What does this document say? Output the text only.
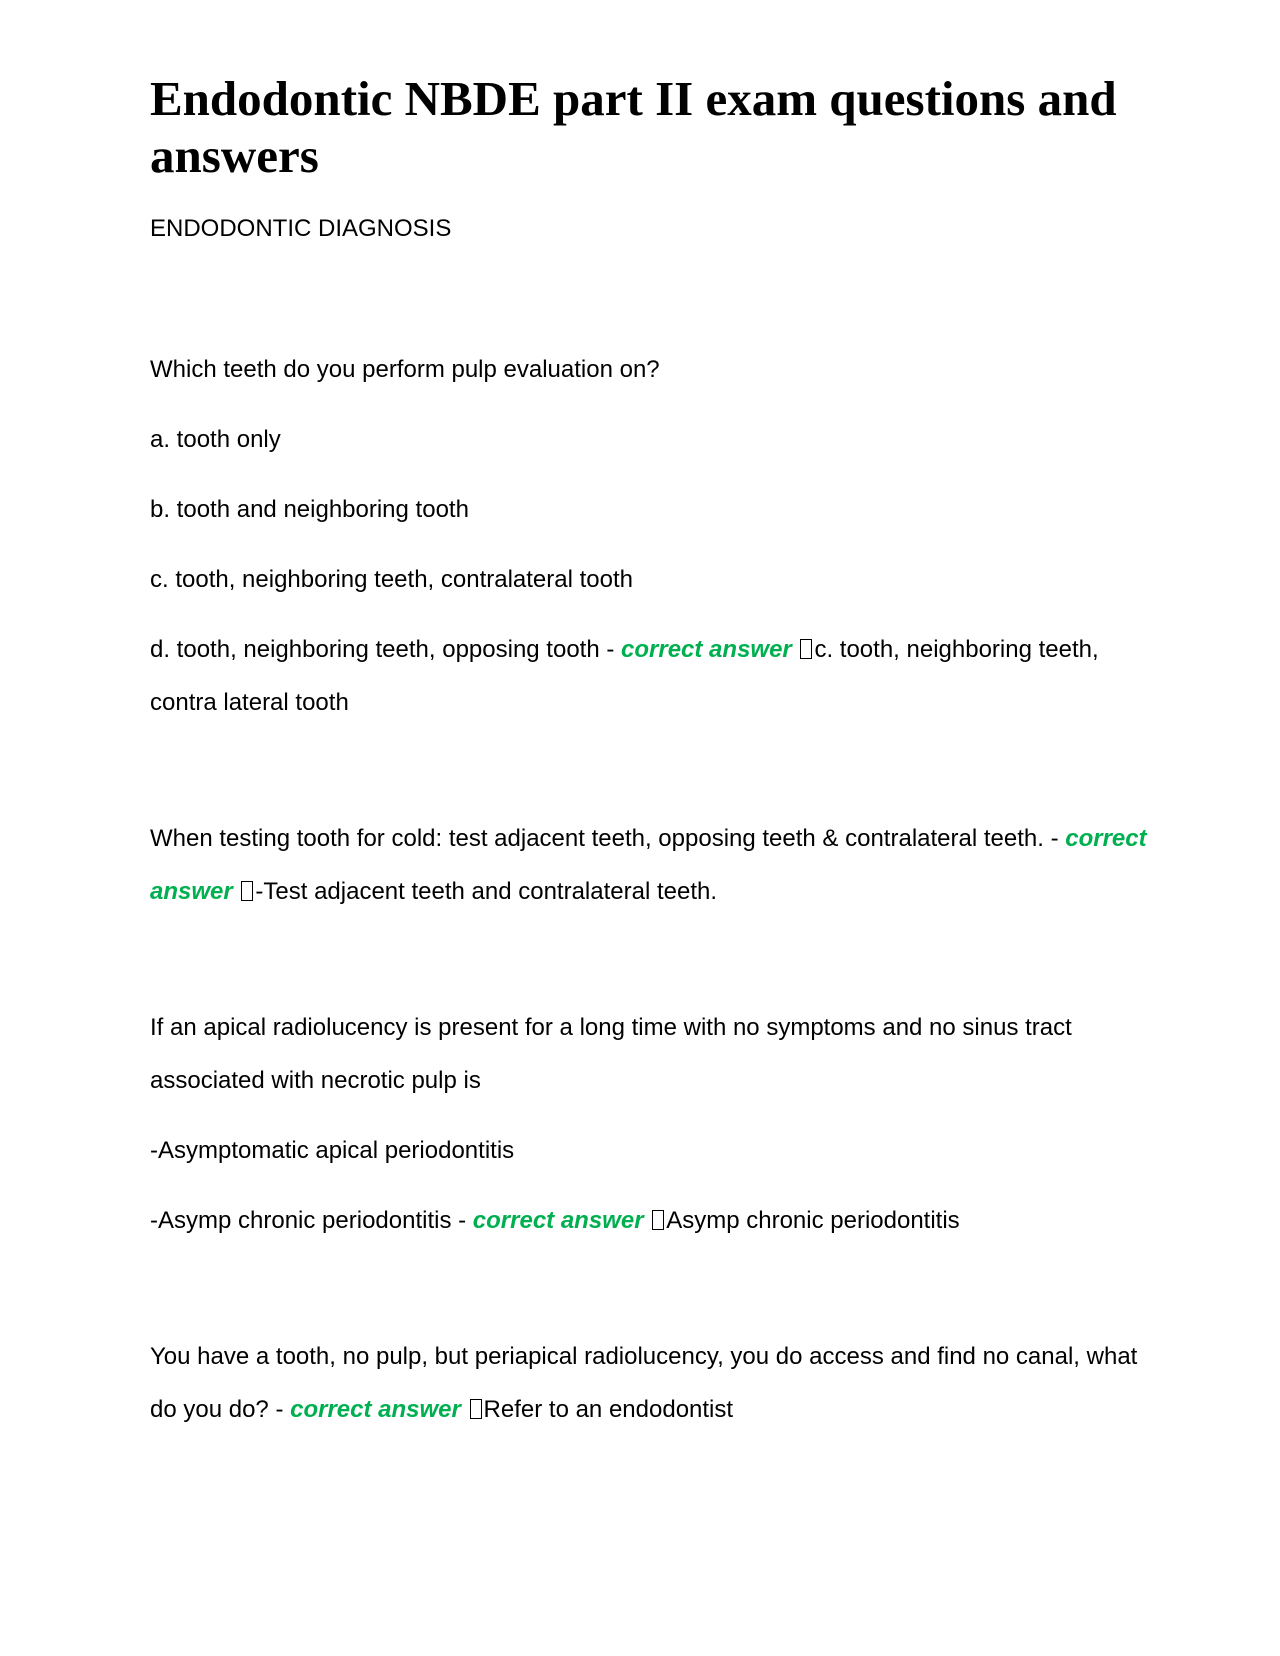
Endodontic NBDE part II exam questions and answers
ENDODONTIC DIAGNOSIS
Which teeth do you perform pulp evaluation on?
a. tooth only
b. tooth and neighboring tooth
c. tooth, neighboring teeth, contralateral tooth
d. tooth, neighboring teeth, opposing tooth - correct answer c. tooth, neighboring teeth, contra lateral tooth
When testing tooth for cold: test adjacent teeth, opposing teeth & contralateral teeth. - correct answer -Test adjacent teeth and contralateral teeth.
If an apical radiolucency is present for a long time with no symptoms and no sinus tract associated with necrotic pulp is
-Asymptomatic apical periodontitis
-Asymp chronic periodontitis - correct answer Asymp chronic periodontitis
You have a tooth, no pulp, but periapical radiolucency, you do access and find no canal, what do you do? - correct answer Refer to an endodontist
